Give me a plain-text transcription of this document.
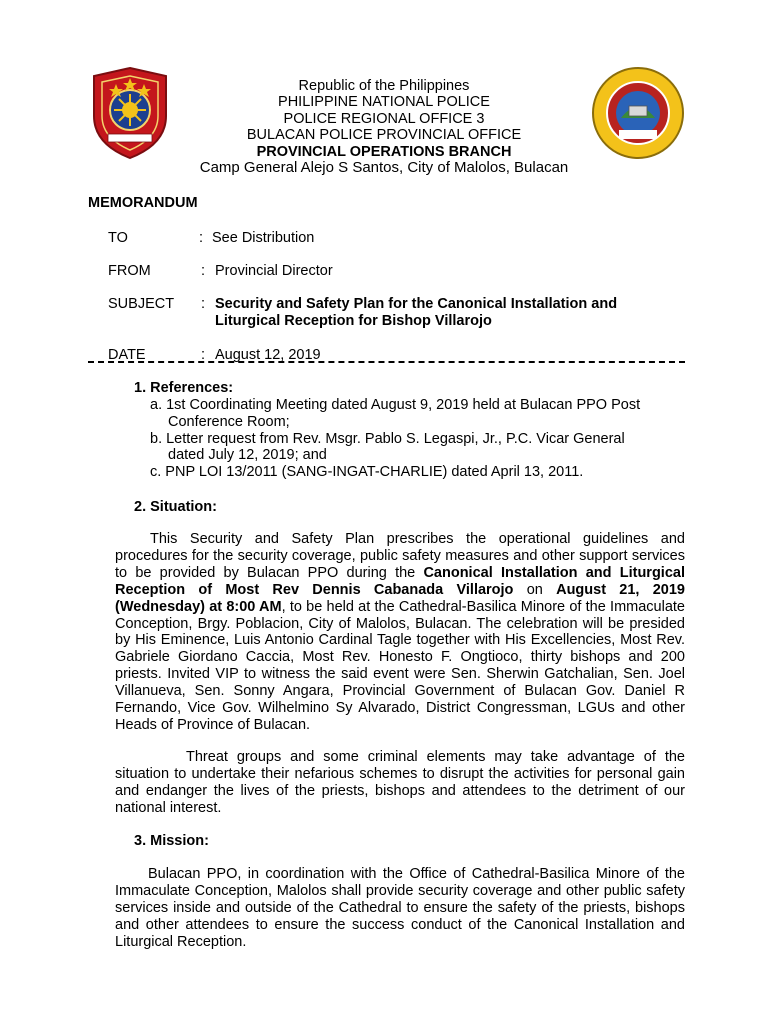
Republic of the Philippines
PHILIPPINE NATIONAL POLICE
POLICE REGIONAL OFFICE 3
BULACAN POLICE PROVINCIAL OFFICE
PROVINCIAL OPERATIONS BRANCH
Camp General Alejo S Santos, City of Malolos, Bulacan
MEMORANDUM
TO	: See Distribution
FROM	: Provincial Director
SUBJECT : Security and Safety Plan for the Canonical Installation and
Liturgical Reception for Bishop Villarojo
DATE	: August 12, 2019
1. References:
a. 1st Coordinating Meeting dated August 9, 2019 held at Bulacan PPO Post
Conference Room;
b. Letter request from Rev. Msgr. Pablo S. Legaspi, Jr., P.C. Vicar General
dated July 12, 2019; and
c. PNP LOI 13/2011 (SANG-INGAT-CHARLIE) dated April 13, 2011.
2. Situation:
This Security and Safety Plan prescribes the operational guidelines and procedures for the security coverage, public safety measures and other support services to be provided by Bulacan PPO during the Canonical Installation and Liturgical Reception of Most Rev Dennis Cabanada Villarojo on August 21, 2019 (Wednesday) at 8:00 AM, to be held at the Cathedral-Basilica Minore of the Immaculate Conception, Brgy. Poblacion, City of Malolos, Bulacan. The celebration will be presided by His Eminence, Luis Antonio Cardinal Tagle together with His Excellencies, Most Rev. Gabriele Giordano Caccia, Most Rev. Honesto F. Ongtioco, thirty bishops and 200 priests. Invited VIP to witness the said event were Sen. Sherwin Gatchalian, Sen. Joel Villanueva, Sen. Sonny Angara, Provincial Government of Bulacan Gov. Daniel R Fernando, Vice Gov. Wilhelmino Sy Alvarado, District Congressman, LGUs and other Heads of Province of Bulacan.
Threat groups and some criminal elements may take advantage of the situation to undertake their nefarious schemes to disrupt the activities for personal gain and endanger the lives of the priests, bishops and attendees to the detriment of our national interest.
3. Mission:
Bulacan PPO, in coordination with the Office of Cathedral-Basilica Minore of the Immaculate Conception, Malolos shall provide security coverage and other public safety services inside and outside of the Cathedral to ensure the safety of the priests, bishops and other attendees to ensure the success conduct of the Canonical Installation and Liturgical Reception.
